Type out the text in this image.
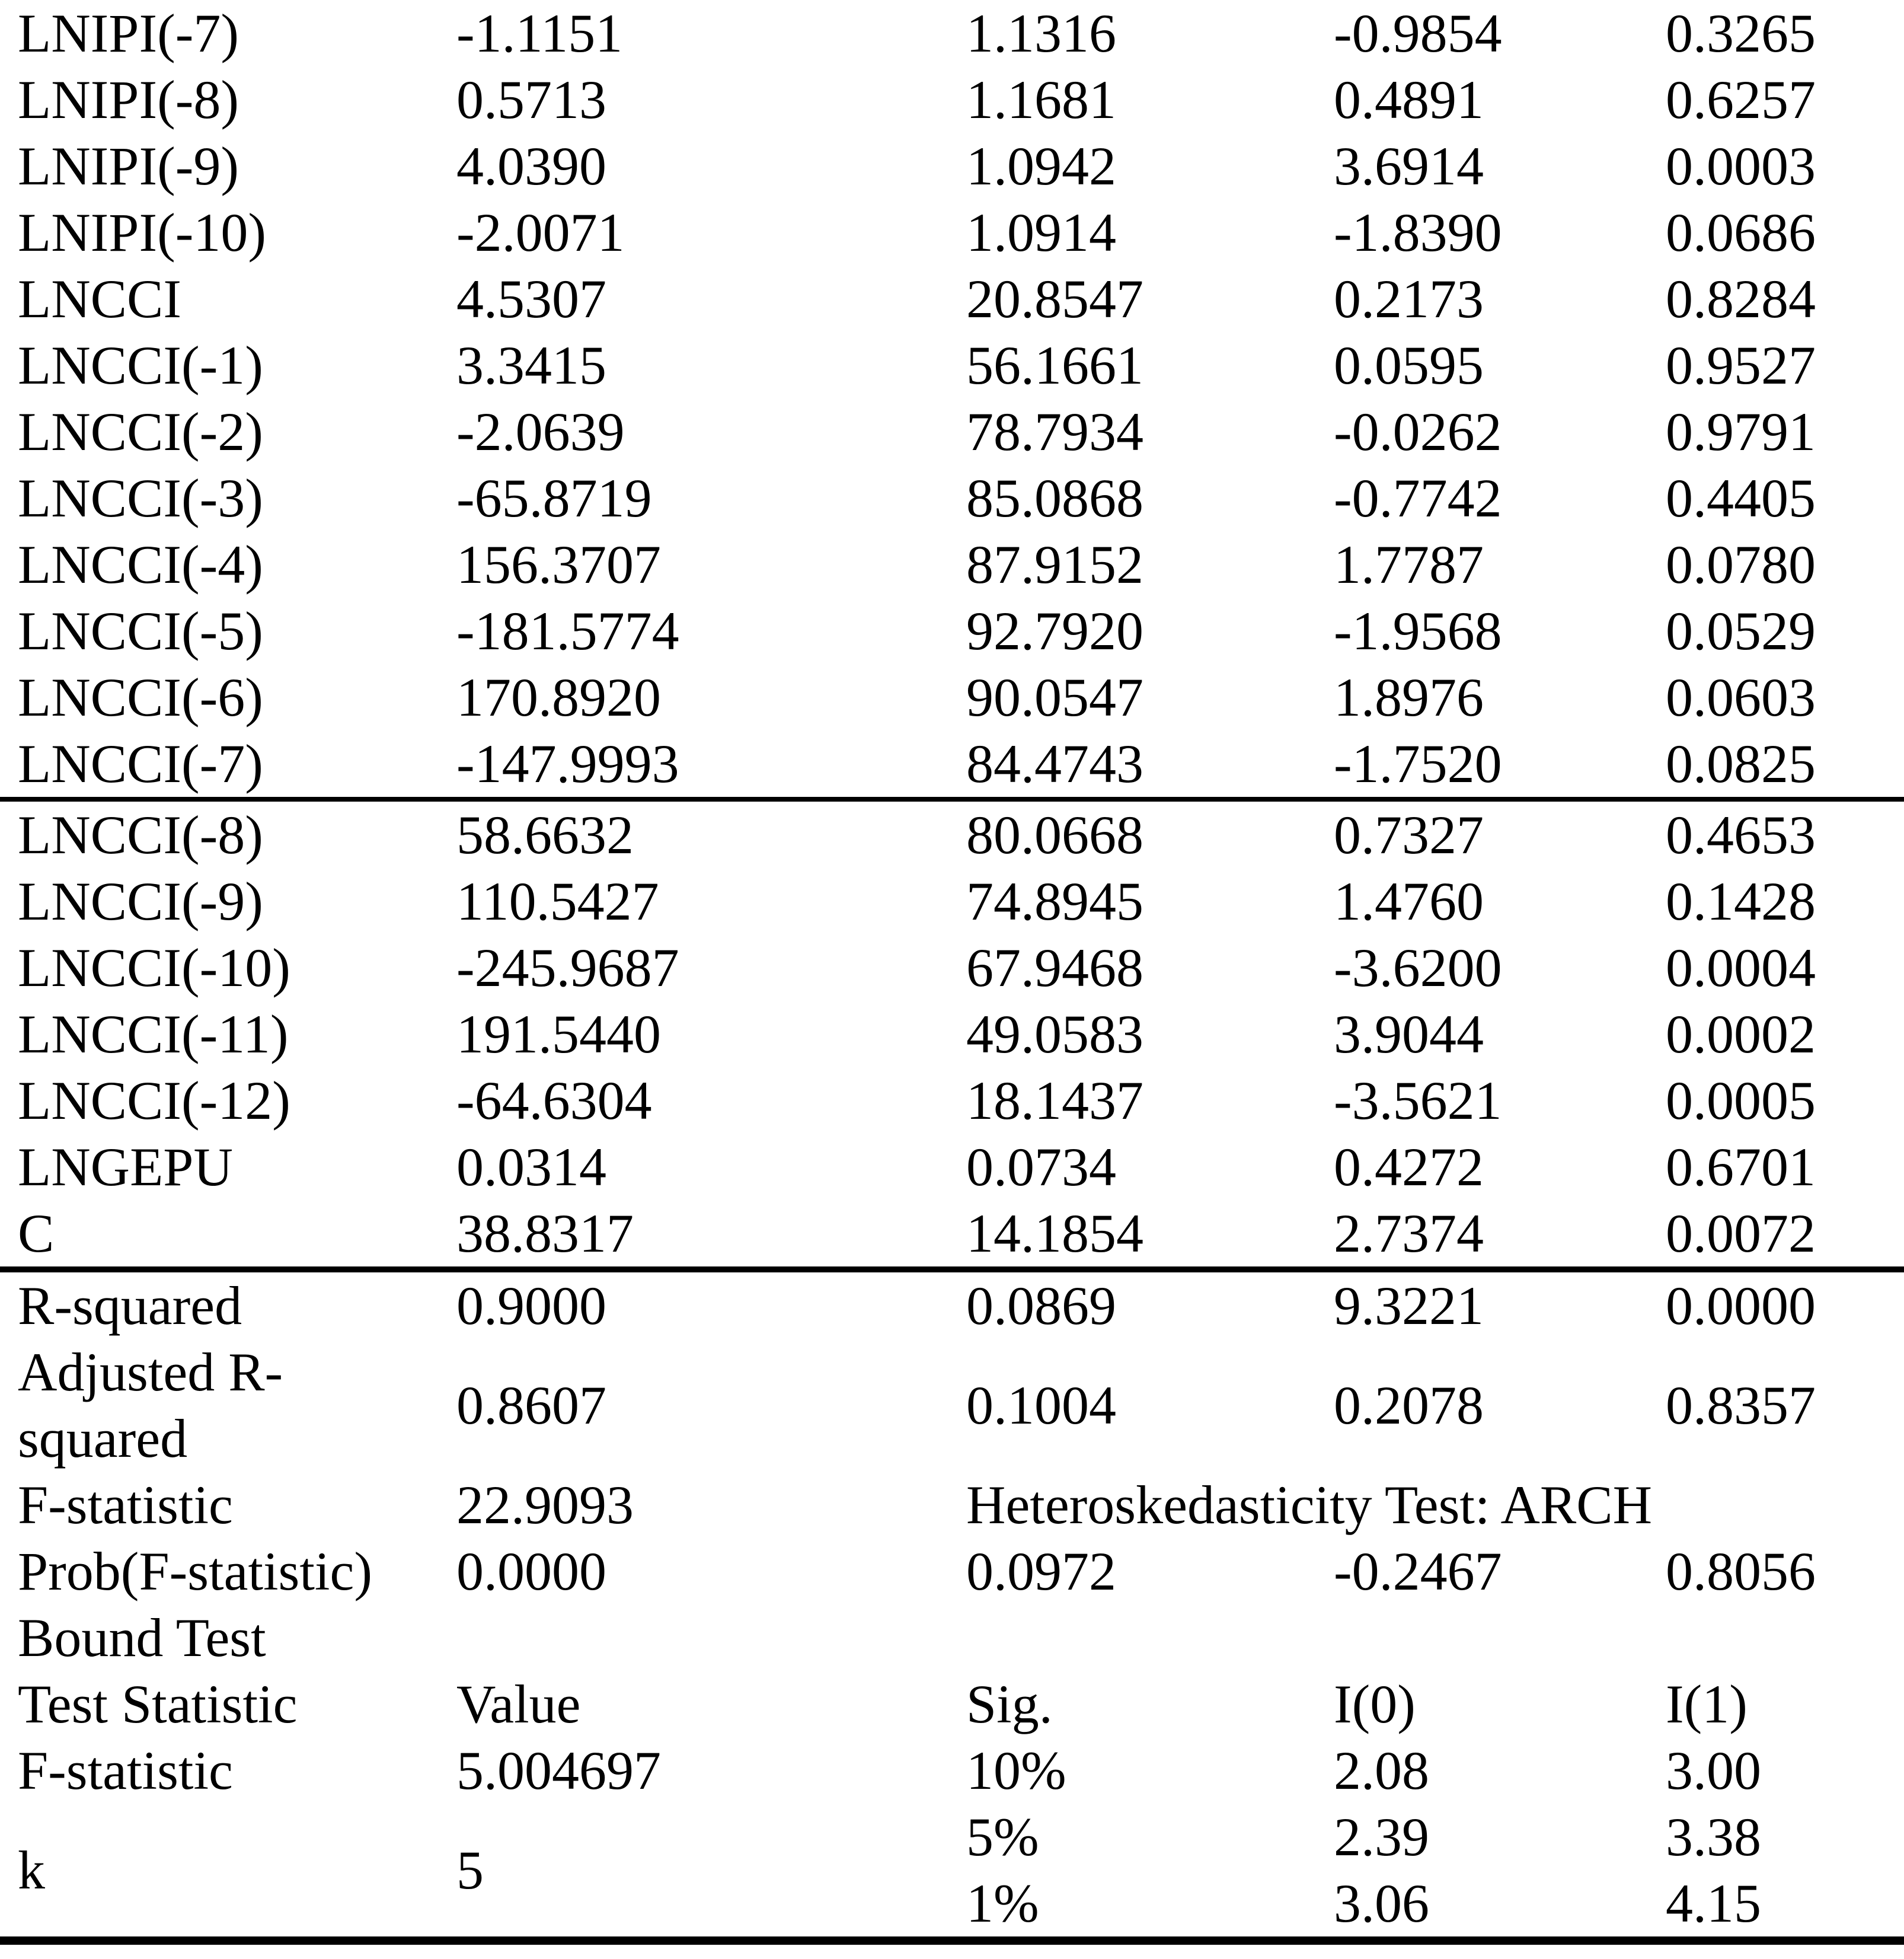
LNIPI(-7)	-1.1151	1.1316	-0.9854	0.3265
LNIPI(-8)	0.5713	1.1681	0.4891	0.6257
LNIPI(-9)	4.0390	1.0942	3.6914	0.0003
LNIPI(-10)	-2.0071	1.0914	-1.8390	0.0686
LNCCI	4.5307	20.8547	0.2173	0.8284
LNCCI(-1)	3.3415	56.1661	0.0595	0.9527
LNCCI(-2)	-2.0639	78.7934	-0.0262	0.9791
LNCCI(-3)	-65.8719	85.0868	-0.7742	0.4405
LNCCI(-4)	156.3707	87.9152	1.7787	0.0780
LNCCI(-5)	-181.5774	92.7920	-1.9568	0.0529
LNCCI(-6)	170.8920	90.0547	1.8976	0.0603
LNCCI(-7)	-147.9993	84.4743	-1.7520	0.0825
LNCCI(-8)	58.6632	80.0668	0.7327	0.4653
LNCCI(-9)	110.5427	74.8945	1.4760	0.1428
LNCCI(-10)	-245.9687	67.9468	-3.6200	0.0004
LNCCI(-11)	191.5440	49.0583	3.9044	0.0002
LNCCI(-12)	-64.6304	18.1437	-3.5621	0.0005
LNGEPU	0.0314	0.0734	0.4272	0.6701
C	38.8317	14.1854	2.7374	0.0072
R-squared	0.9000	0.0869	9.3221	0.0000
Adjusted R-squared	0.8607	0.1004	0.2078	0.8357
F-statistic	22.9093	Heteroskedasticity Test: ARCH		
Prob(F-statistic)	0.0000	0.0972	-0.2467	0.8056
Bound Test				
Test Statistic	Value	Sig.	I(0)	I(1)
F-statistic	5.004697	10%	2.08	3.00
k	5	5%	2.39	3.38
		1%	3.06	4.15
